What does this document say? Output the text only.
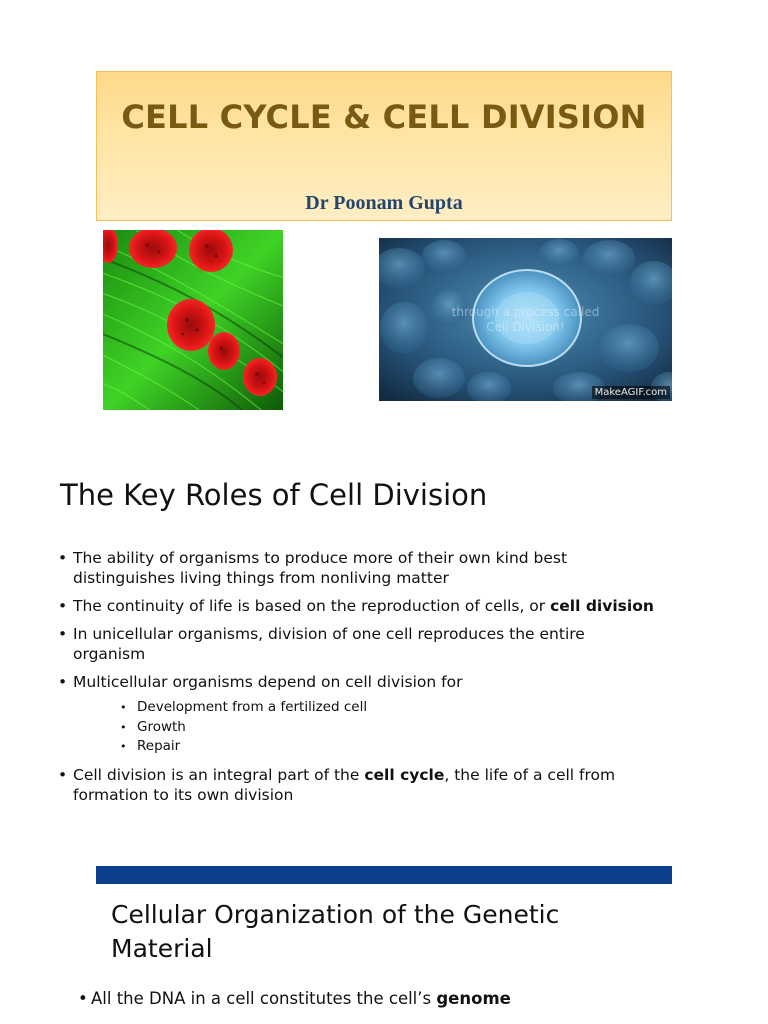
CELL CYCLE & CELL DIVISION
Dr Poonam Gupta
through a process called
Cell Division!
MakeAGIF.com
The Key Roles of Cell Division
• The ability of organisms to produce more of their own kind best distinguishes living things from nonliving matter
• The continuity of life is based on the reproduction of cells, or cell division
• In unicellular organisms, division of one cell reproduces the entire organism
• Multicellular organisms depend on cell division for
• Development from a fertilized cell
• Growth
• Repair
• Cell division is an integral part of the cell cycle, the life of a cell from formation to its own division
Cellular Organization of the Genetic Material
• All the DNA in a cell constitutes the cell’s genome
